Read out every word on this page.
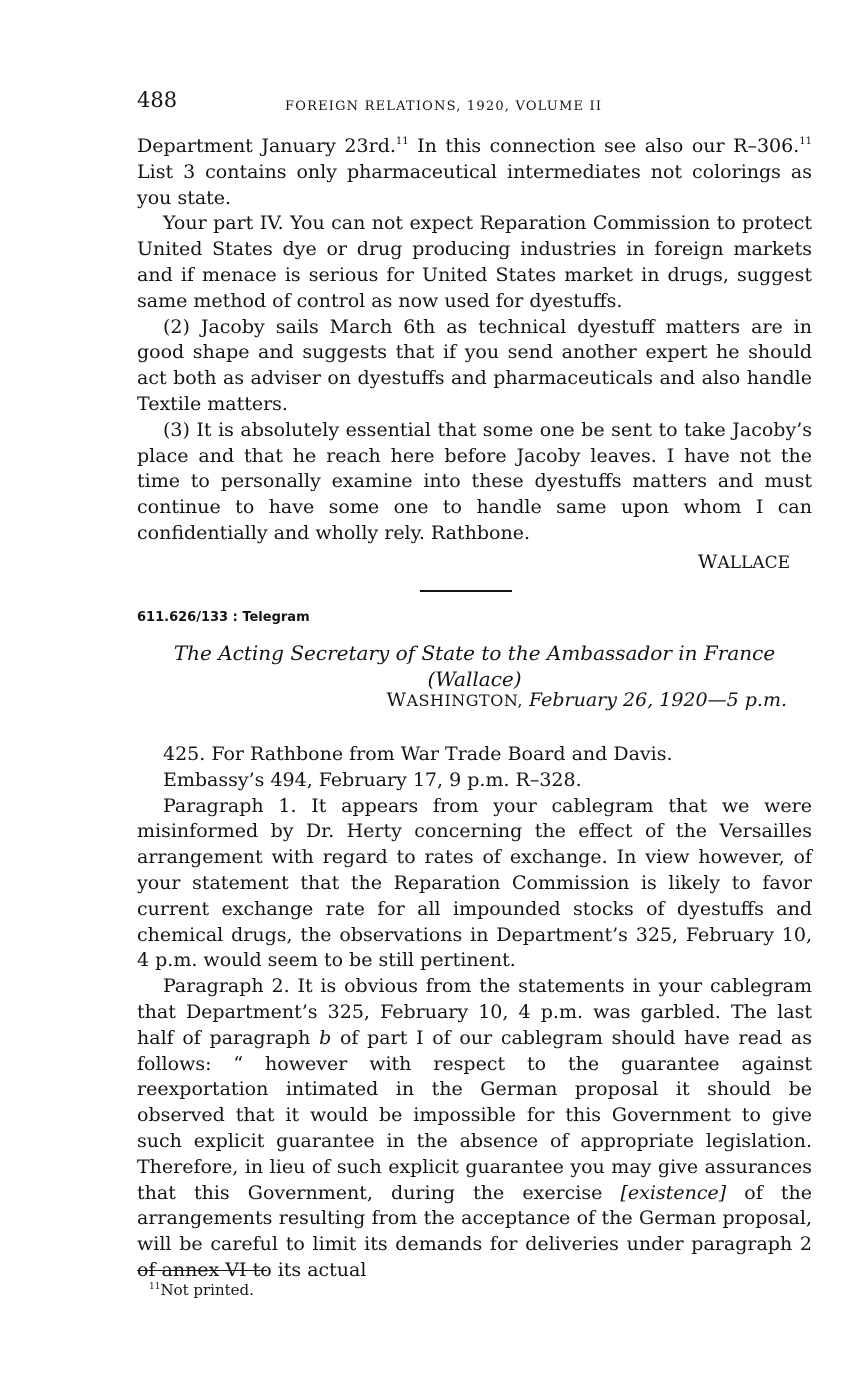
488	FOREIGN RELATIONS, 1920, VOLUME II

Department January 23rd.$^{11}$ In this connection see also our R–306.11 List 3 contains only pharmaceutical intermediates not colorings as you state.

Your part IV. You can not expect Reparation Commission to protect United States dye or drug producing industries in foreign markets and if menace is serious for United States market in drugs, suggest same method of control as now used for dyestuffs.

(2) Jacoby sails March 6th as technical dyestuff matters are in good shape and suggests that if you send another expert he should act both as adviser on dyestuffs and pharmaceuticals and also handle Textile matters.

(3) It is absolutely essential that some one be sent to take Jacoby’s place and that he reach here before Jacoby leaves. I have not the time to personally examine into these dyestuffs matters and must continue to have some one to handle same upon whom I can confidentially and wholly rely. Rathbone.

WALLACE
611.626/133 : Telegram
The Acting Secretary of State to the Ambassador in France
(Wallace)
WASHINGTON, February 26, 1920—5 p.m.

425. For Rathbone from War Trade Board and Davis.

Embassy’s 494, February 17, 9 p.m. R–328.

Paragraph 1. It appears from your cablegram that we were misinformed by Dr. Herty concerning the effect of the Versailles arrangement with regard to rates of exchange. In view however, of your statement that the Reparation Commission is likely to favor current exchange rate for all impounded stocks of dyestuffs and chemical drugs, the observations in Department’s 325, February 10, 4 p.m. would seem to be still pertinent.

Paragraph 2. It is obvious from the statements in your cablegram that Department’s 325, February 10, 4 p.m. was garbled. The last half of paragraph b of part I of our cablegram should have read as follows: “ however with respect to the guarantee against reexportation intimated in the German proposal it should be observed that it would be impossible for this Government to give such explicit guarantee in the absence of appropriate legislation. Therefore, in lieu of such explicit guarantee you may give assurances that this Government, during the exercise [existence] of the arrangements resulting from the acceptance of the German proposal, will be careful to limit its demands for deliveries under paragraph 2 of annex VI to its actual

$^{11}$Not printed.
